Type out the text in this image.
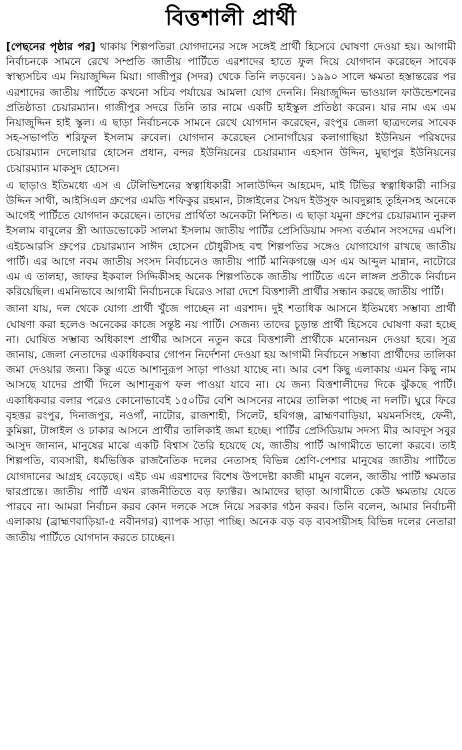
বিত্তশালী প্রার্থী

[পেছনের পৃষ্ঠার পর] থাকায় শিল্পপতিরা যোগদানের সঙ্গে সঙ্গেই প্রার্থী হিসেবে ঘোষণা দেওয়া হয়। আগামী নির্বাচনকে সামনে রেখে সম্প্রতি জাতীয় পার্টিতে এরশাদের হাতে ফুল দিয়ে যোগদান করেছেন সাবেক স্বাস্থ্যসচিব এম নিয়াজুদ্দিন মিয়া। গাজীপুর (সদর) থেকে তিনি লড়বেন। ১৯৯০ সালে ক্ষমতা হস্তান্তরের পর এরশাদের জাতীয় পার্টিতে কখনো সচিব পর্যায়ের আমলা যোগ দেননি। নিয়াজুদ্দিন ভাওয়াল ফাউন্ডেশনের প্রতিষ্ঠাতা চেয়ারম্যান। গাজীপুর সদরে তিনি তার নামে একটি হাইস্কুল প্রতিষ্ঠা করেন। যার নাম এম এম নিয়াজুদ্দিন হাই স্কুল। এ ছাড়া নির্বাচনকে সামনে রেখে যোগদান করেছেন, রংপুর জেলা ছাত্রদলের সাবেক সহ-সভাপতি শরিফুল ইসলাম রুবেল। যোগদান করেছেন সোনাগাঁয়ের কলাগাছিয়া ইউনিয়ন পরিষদের চেয়ারম্যান দেলোয়ার হোসেন প্রধান, বন্দর ইউনিয়নের চেয়ারম্যান এহসান উদ্দিন, মুছাপুর ইউনিয়নের চেয়ারম্যান মাকসুদ হোসেন।

এ ছাড়াও ইতিমধ্যে এস এ টেলিভিশনের স্বত্বাধিকারী সালাউদ্দিন আহমেদ, মাই টিভির স্বত্বাধিকারী নাসির উদ্দিন সাথী, আইসিএল গ্রুপের এমডি শফিকুর রহমান, টাঙ্গাইলের সৈয়দ ইউসুফ আবদুল্লাহ তুহিনসহ অনেকে আগেই পার্টিতে যোগদান করেছেন। তাদের প্রার্থিতা অনেকটা নিশ্চিত। এ ছাড়া যমুনা গ্রুপের চেয়ারম্যান নুরুল ইসলাম বাবুলের স্ত্রী অ্যাডভোকেট সালমা ইসলাম জাতীয় পার্টির প্রেসিডিয়াম সদস্য বর্তমান সংসদের এমপি। এইচআরসি গ্রুপের চেয়ারম্যান সাঈদ হোসেন চৌধুরীসহ বহু শিল্পপতির সঙ্গেও যোগাযোগ রাখছে জাতীয় পার্টি। এর আগে নবম জাতীয় সংসদ নির্বাচনেও জাতীয় পার্টি মানিকগঞ্জে এস এম আব্দুল মান্নান, নাটোরে এম এ তালহা, জাফর ইকবাল সিদ্দিকীসহ অনেক শিল্পপতিকে জাতীয় পার্টিতে এনে লাঙ্গল প্রতীকে নির্বাচন করিয়েছিল। এমনিভাবে আগামী নির্বাচনকে ঘিরেও সারা দেশে বিত্তশালী প্রার্থীর সন্ধান করছে জাতীয় পার্টি।

জানা যায়, দল থেকে যোগ্য প্রার্থী খুঁজে পাচ্ছেন না এরশাদ। দুই শতাধিক আসনে ইতিমধ্যে সম্ভাব্য প্রার্থী ঘোষণা করা হলেও অনেকের কাজে সন্তুষ্ট নয় পার্টি। সেজন্য তাদের চূড়ান্ত প্রার্থী হিসেবে ঘোষণা করা হচ্ছে না। ঘোষিত সম্ভাব্য অধিকাংশ প্রার্থীর আসনে নতুন করে বিত্তশালী প্রার্থীকে মনোনয়ন দেওয়া হবে। সূত্র জানায়, জেলা নেতাদের একাধিকবার গোপন নির্দেশনা দেওয়া হয় আগামী নির্বাচনে সম্ভাব্য প্রার্থীদের তালিকা জমা দেওয়ার জন্য। কিন্তু এতে আশানুরূপ সাড়া পাওয়া যাচ্ছে না। আর বেশ কিছু এলাকায় এমন কিছু নাম আসছে যাদের প্রার্থী দিলে আশানুরূপ ফল পাওয়া যাবে না। যে জন্য বিত্তশালীদের দিকে ঝুঁকছে পার্টি। একাধিকবার বলার পরেও কোনোভাবেই ১৫০টির বেশি আসনের নামের তালিকা পাচ্ছে না দলটি। ঘুরে ফিরে বৃহত্তর রংপুর, দিনাজপুর, নওগাঁ, নাটোর, রাজশাহী, সিলেট, হবিগঞ্জ, ব্রাহ্মণবাড়িয়া, ময়মনসিংহ, ফেনী, কুমিল্লা, টাঙ্গাইল ও ঢাকার আসনে প্রার্থীর তালিকাই জমা হচ্ছে। পার্টির প্রেসিডিয়াম সদস্য মীর আবদুস সবুর আসুদ জানান, মানুষের মাঝে একটি বিশ্বাস তৈরি হয়েছে যে, জাতীয় পার্টি আগামীতে ভালো করবে। তাই শিল্পপতি, ব্যবসায়ী, ধর্মভিত্তিক রাজনৈতিক দলের নেতাসহ বিভিন্ন শ্রেণি-পেশার মানুষের জাতীয় পার্টিতে যোগদানের আগ্রহ বেড়েছে। এইচ এম এরশাদের বিশেষ উপদেষ্টা কাজী মামুন বলেন, জাতীয় পার্টি ক্ষমতার দ্বারপ্রান্তে। জাতীয় পার্টি এখন রাজনীতিতে বড় ফ্যাক্টর। আমাদের ছাড়া আগামীতে কেউ ক্ষমতায় যেতে পারবে না। আমরা নির্বাচন করব কোন দলকে সঙ্গে নিয়ে সরকার গঠন করব। তিনি বলেন, আমার নির্বাচনী এলাকায় (ব্রাহ্মণবাড়িয়া-৫ নবীনগর) ব্যাপক সাড়া পাচ্ছি। অনেক বড় বড় ব্যবসায়ীসহ বিভিন্ন দলের নেতারা জাতীয় পার্টিতে যোগদান করতে চাচ্ছেন।
